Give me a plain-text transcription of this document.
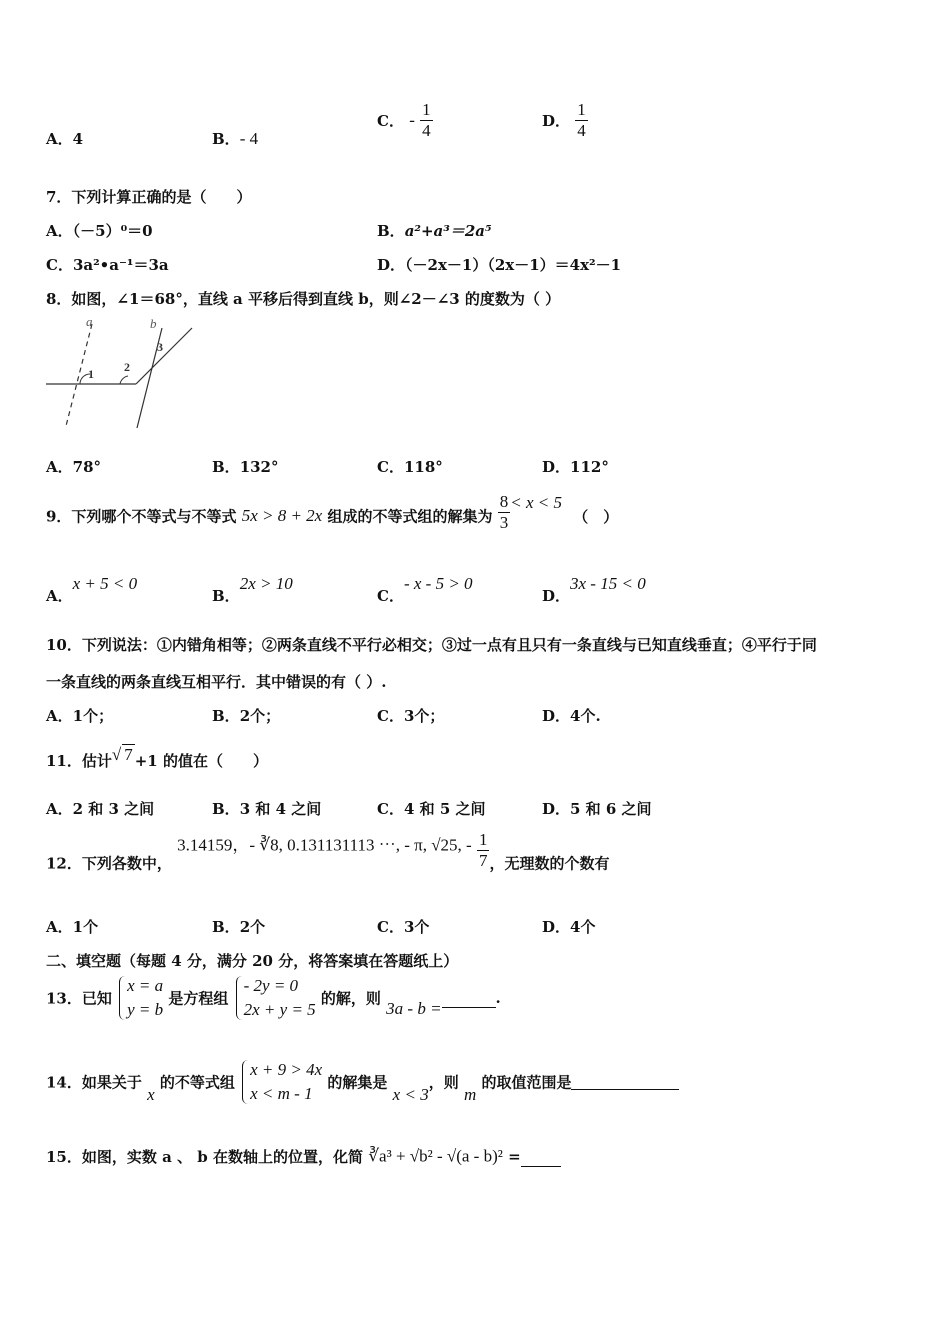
A．4	B．- 4
C． - $\frac{1}{4}$	D． $\frac{1}{4}$
7．下列计算正确的是（　　）
A．（－5）⁰＝0	B．a²+a³＝2a⁵
C．3a²•a⁻¹＝3a	D．（－2x－1）（2x－1）＝4x²－1
8．如图，∠1＝68°，直线 a 平移后得到直线 b，则∠2－∠3 的度数为（ ）
a	b
1	2
3
A．78°	B．132°	C．118°	D．112°
9．下列哪个不等式与不等式 5x > 8 + 2x 组成的不等式组的解集为 $\frac{8}{3} < x < 5$ （　）
A．x + 5 < 0
B．2x > 10
C．- x - 5 > 0
D．3x - 15 < 0
10．下列说法：①内错角相等；②两条直线不平行必相交；③过一点有且只有一条直线与已知直线垂直；④平行于同
一条直线的两条直线互相平行．其中错误的有（ ）.
A．1个；	B．2个；	C．3个；	D．4个.
11．估计√ 7 +1 的值在（　　）
A．2 和 3 之间	B．3 和 4 之间	C．4 和 5 之间	D．5 和 6 之间
12．下列各数中， 3.14159，- ∛8, 0.131131113 ⋯, - π, √25, - $\frac{1}{7}$ ，无理数的个数有
A．1个	B．2个	C．3个	D．4个
二、填空题（每题 4 分，满分 20 分，将答案填在答题纸上）
13．已知
x = a
y = b
是方程组
- 2y = 0
2x + y = 5
的解，则 3a - b =.
14．如果关于 x 的不等式组
x + 9 > 4x
x < m - 1
的解集是 x < 3，则 m 的取值范围是
15．如图，实数 a 、 b 在数轴上的位置，化简 ∛a³ + √b² - √(a - b)² =
